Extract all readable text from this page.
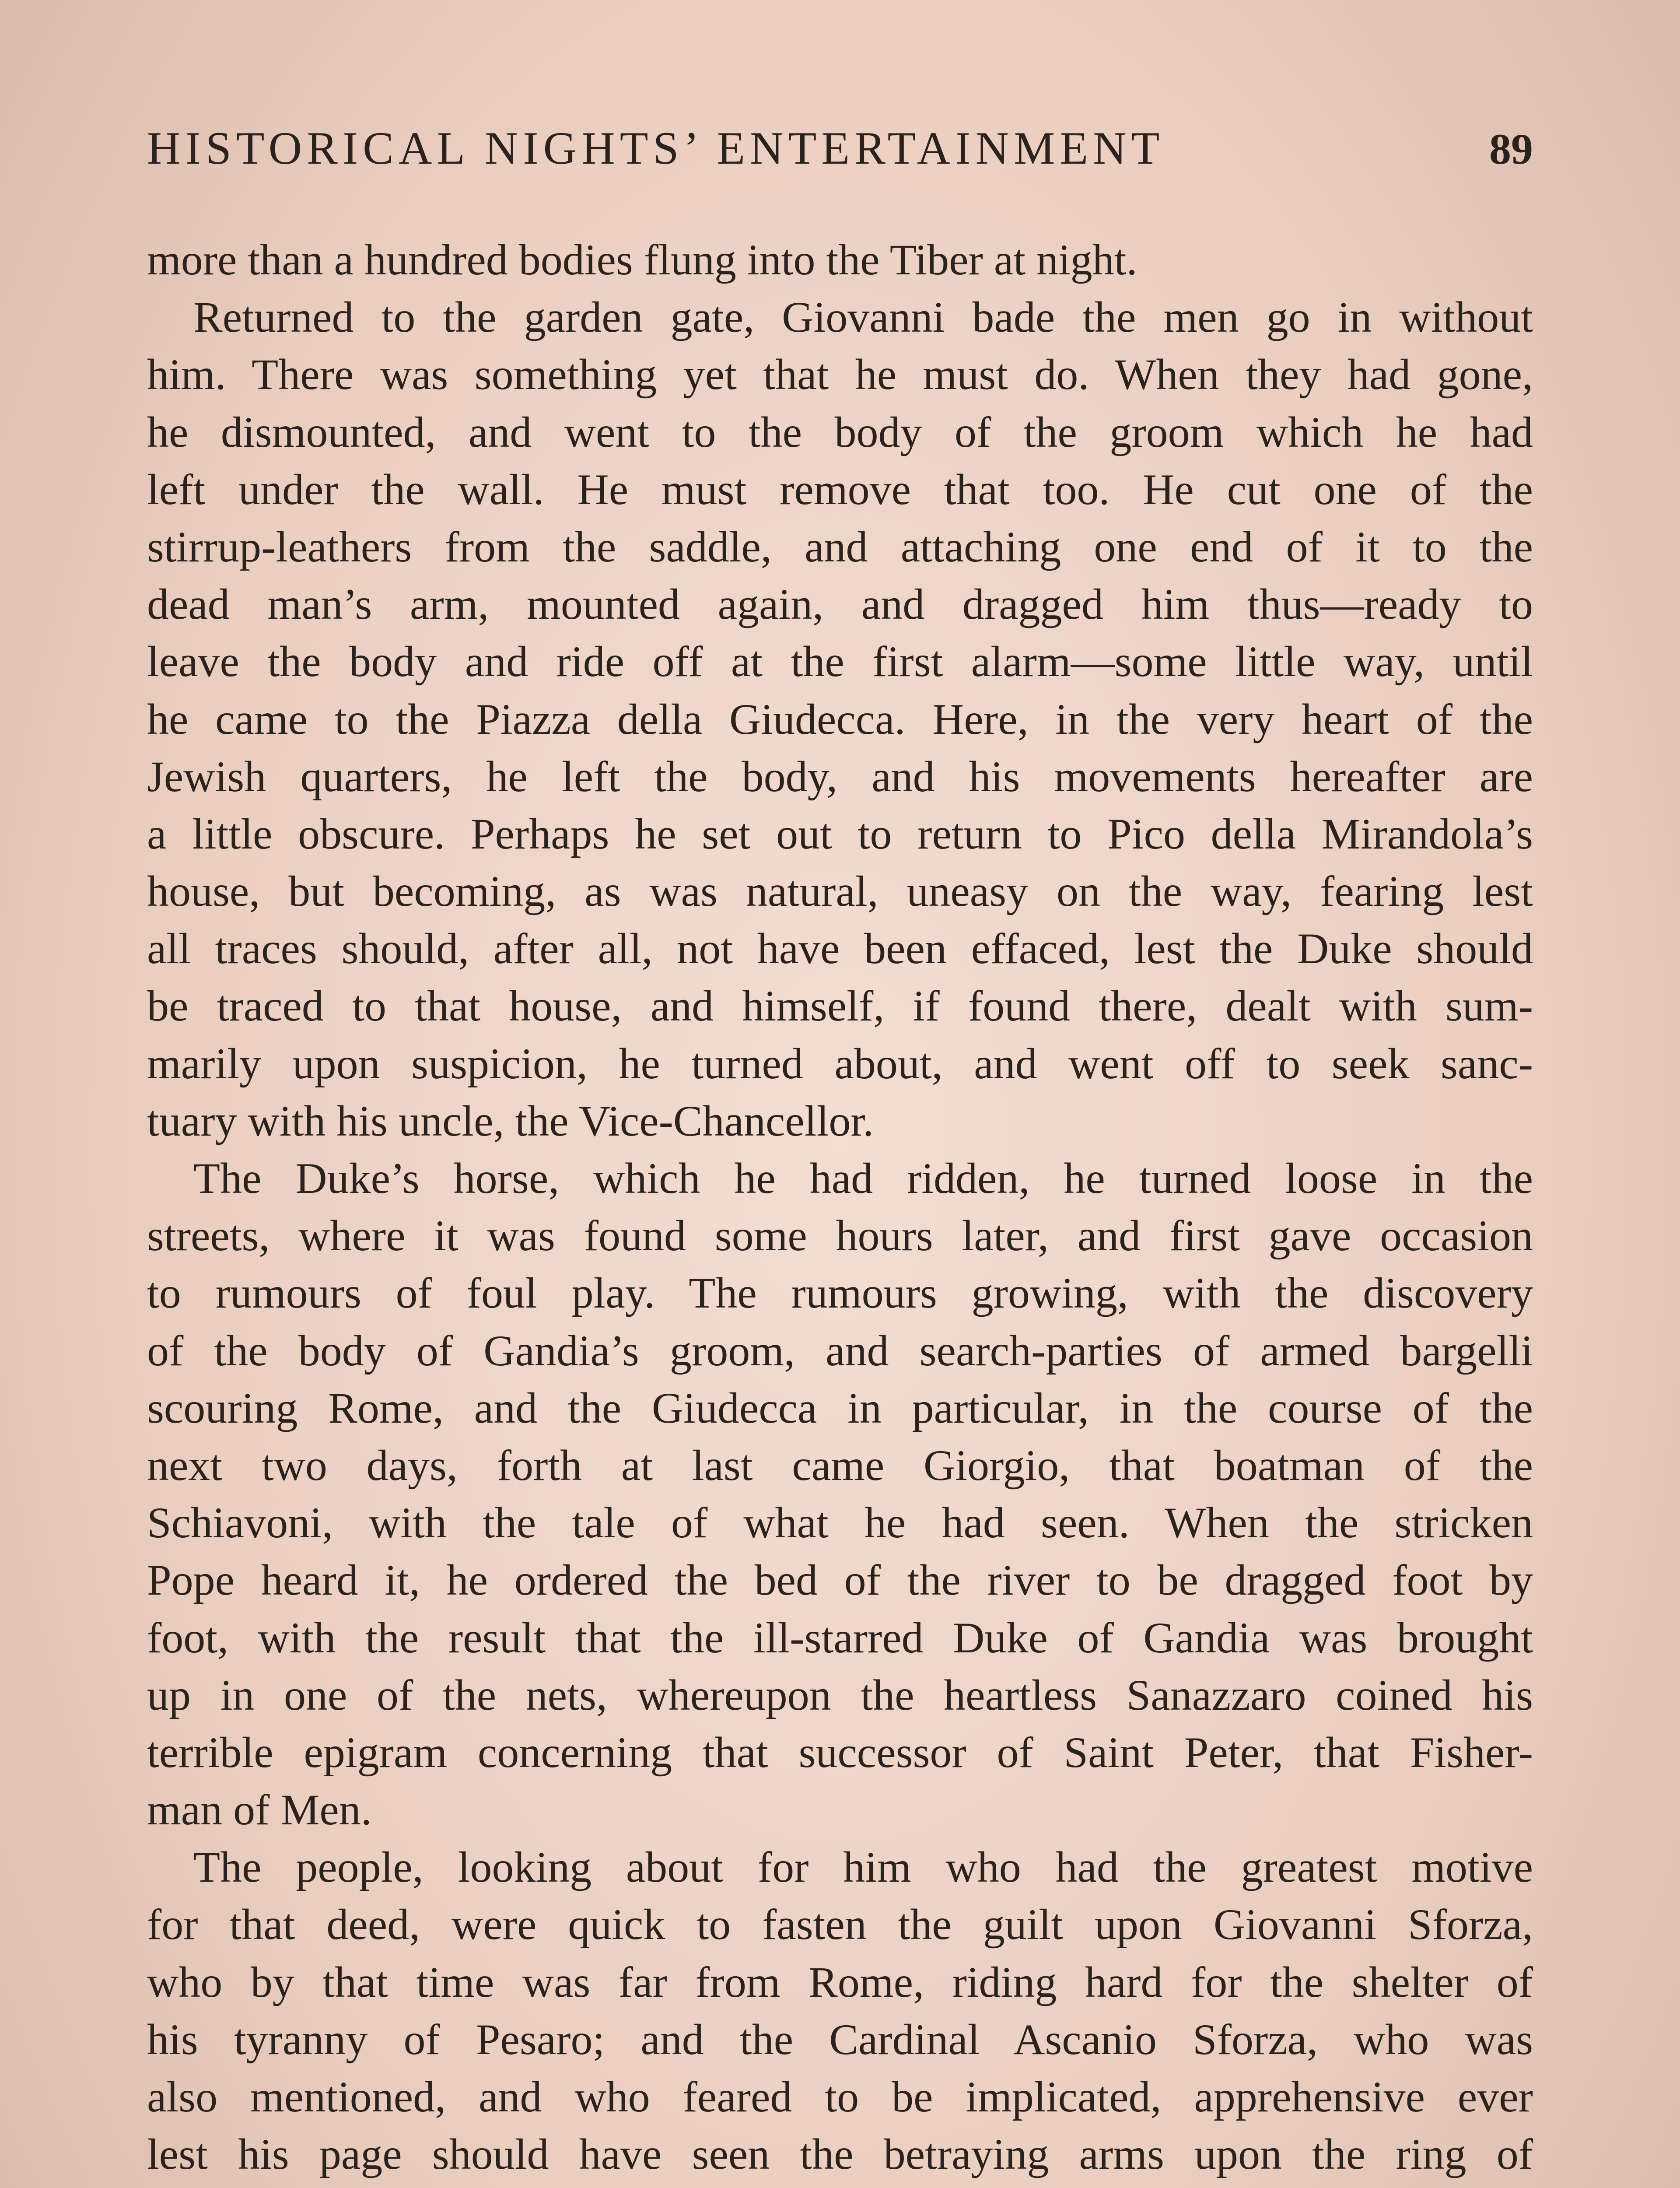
HISTORICAL NIGHTS’ ENTERTAINMENT	89
more than a hundred bodies flung into the Tiber at night.
Returned to the garden gate, Giovanni bade the men go in without
him. There was something yet that he must do. When they had gone,
he dismounted, and went to the body of the groom which he had
left under the wall. He must remove that too. He cut one of the
stirrup-leathers from the saddle, and attaching one end of it to the
dead man’s arm, mounted again, and dragged him thus—ready to
leave the body and ride off at the first alarm—some little way, until
he came to the Piazza della Giudecca. Here, in the very heart of the
Jewish quarters, he left the body, and his movements hereafter are
a little obscure. Perhaps he set out to return to Pico della Mirandola’s
house, but becoming, as was natural, uneasy on the way, fearing lest
all traces should, after all, not have been effaced, lest the Duke should
be traced to that house, and himself, if found there, dealt with sum-
marily upon suspicion, he turned about, and went off to seek sanc-
tuary with his uncle, the Vice-Chancellor.
The Duke’s horse, which he had ridden, he turned loose in the
streets, where it was found some hours later, and first gave occasion
to rumours of foul play. The rumours growing, with the discovery
of the body of Gandia’s groom, and search-parties of armed bargelli
scouring Rome, and the Giudecca in particular, in the course of the
next two days, forth at last came Giorgio, that boatman of the
Schiavoni, with the tale of what he had seen. When the stricken
Pope heard it, he ordered the bed of the river to be dragged foot by
foot, with the result that the ill-starred Duke of Gandia was brought
up in one of the nets, whereupon the heartless Sanazzaro coined his
terrible epigram concerning that successor of Saint Peter, that Fisher-
man of Men.
The people, looking about for him who had the greatest motive
for that deed, were quick to fasten the guilt upon Giovanni Sforza,
who by that time was far from Rome, riding hard for the shelter of
his tyranny of Pesaro; and the Cardinal Ascanio Sforza, who was
also mentioned, and who feared to be implicated, apprehensive ever
lest his page should have seen the betraying arms upon the ring of
